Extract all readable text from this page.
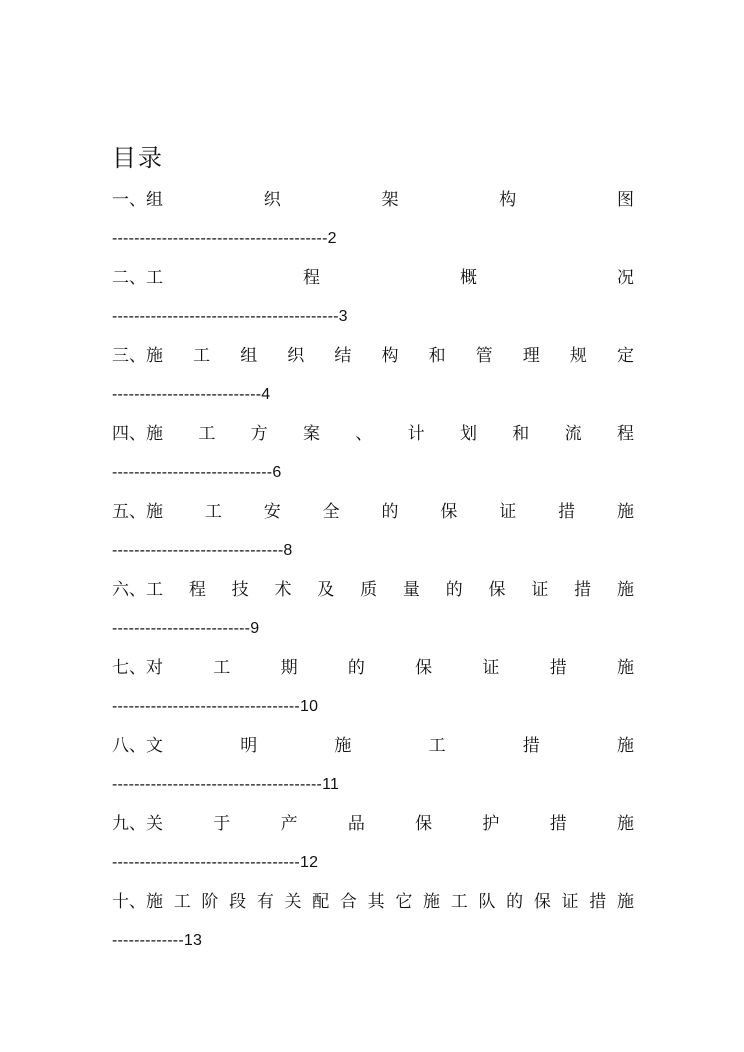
目录
一、组	织	架	构	图
---------------------------------------2
二、工	程	概	况
-----------------------------------------3
三、施 工 组 织 结 构 和 管 理 规 定
---------------------------4
四、施 工 方 案 、 计 划 和 流 程
-----------------------------6
五、施 工 安 全 的 保 证 措 施
-------------------------------8
六、工 程 技 术 及 质 量 的 保 证 措 施
-------------------------9
七、对	工	期	的	保	证	措	施
----------------------------------10
八、文	明	施	工	措	施
--------------------------------------11
九、关	于	产	品	保	护	措	施
----------------------------------12
十、施 工 阶 段 有 关 配 合 其 它 施 工 队 的 保 证 措 施
-------------13
